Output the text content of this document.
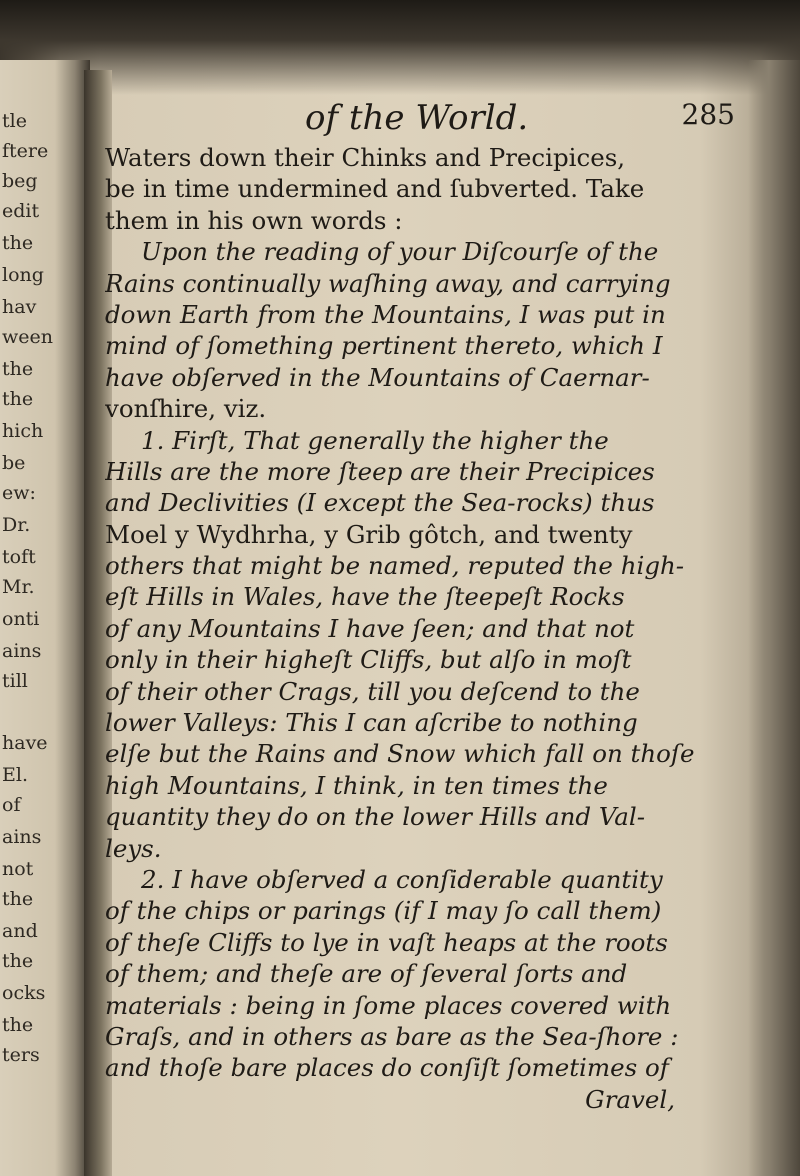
tle
ftere
beg
edit
the
long
hav
ween
the
the
hich
be
ew:
Dr.
toft
Mr.
onti
ains
till
have
El.
of
ains
not
the
and
the
ocks
the
ters
of the World.	285
Waters down their Chinks and Precipices,
be in time undermined and ſubverted. Take
them in his own words :
Upon the reading of your Diſcourſe of the
Rains continually waſhing away, and carrying
down Earth from the Mountains, I was put in
mind of ſomething pertinent thereto, which I
have obſerved in the Mountains of Caernar-
vonſhire, viz.
1. Firſt, That generally the higher the
Hills are the more ſteep are their Precipices
and Declivities (I except the Sea-rocks) thus
Moel y Wydhrha, y Grib gôtch, and twenty
others that might be named, reputed the high-
eſt Hills in Wales, have the ſteepeſt Rocks
of any Mountains I have ſeen; and that not
only in their higheſt Cliffs, but alſo in moſt
of their other Crags, till you deſcend to the
lower Valleys: This I can aſcribe to nothing
elſe but the Rains and Snow which fall on thoſe
high Mountains, I think, in ten times the
quantity they do on the lower Hills and Val-
leys.
2. I have obſerved a conſiderable quantity
of the chips or parings (if I may ſo call them)
of theſe Cliffs to lye in vaſt heaps at the roots
of them; and theſe are of ſeveral ſorts and
materials : being in ſome places covered with
Graſs, and in others as bare as the Sea-ſhore :
and thoſe bare places do conſiſt ſometimes of
Gravel,
